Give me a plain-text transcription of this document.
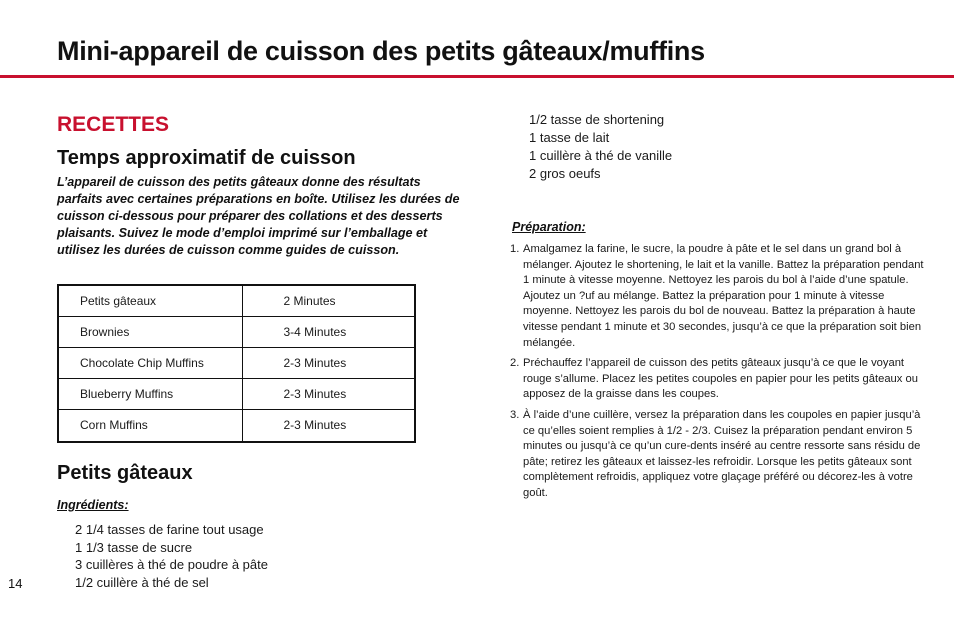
Mini-appareil de cuisson des petits gâteaux/muffins
RECETTES
Temps approximatif de cuisson

L’appareil de cuisson des petits gâteaux donne des résultats parfaits avec certaines préparations en boîte. Utilisez les durées de cuisson ci-dessous pour préparer des collations et des desserts plaisants. Suivez le mode d’emploi imprimé sur l’emballage et utilisez les durées de cuisson comme guides de cuisson.

Petits gâteaux	2 Minutes
Brownies	3-4 Minutes
Chocolate Chip Muffins	2-3 Minutes
Blueberry Muffins	2-3 Minutes
Corn Muffins	2-3 Minutes
Petits gâteaux
Ingrédients:
2 1/4 tasses de farine tout usage
1 1/3 tasse de sucre
3 cuillères à thé de poudre à pâte
1/2 cuillère à thé de sel
1/2 tasse de shortening
1 tasse de lait
1 cuillère à thé de vanille
2 gros oeufs
Préparation:
1. Amalgamez la farine, le sucre, la poudre à pâte et le sel dans un grand bol à mélanger. Ajoutez le shortening, le lait et la vanille. Battez la préparation pendant 1 minute à vitesse moyenne. Nettoyez les parois du bol à l’aide d’une spatule. Ajoutez un ?uf au mélange. Battez la préparation pour 1 minute à vitesse moyenne. Nettoyez les parois du bol de nouveau. Battez la préparation à haute vitesse pendant 1 minute et 30 secondes, jusqu’à ce que la préparation soit bien mélangée.
2. Préchauffez l’appareil de cuisson des petits gâteaux jusqu’à ce que le voyant rouge s’allume. Placez les petites coupoles en papier pour les petits gâteaux ou apposez de la graisse dans les coupes.
3. À l’aide d’une cuillère, versez la préparation dans les coupoles en papier jusqu’à ce qu’elles soient remplies à 1/2 - 2/3. Cuisez la préparation pendant environ 5 minutes ou jusqu’à ce qu’un cure-dents inséré au centre ressorte sans résidu de pâte; retirez les gâteaux et laissez-les refroidir. Lorsque les petits gâteaux sont complètement refroidis, appliquez votre glaçage préféré ou décorez-les à votre goût.
14
